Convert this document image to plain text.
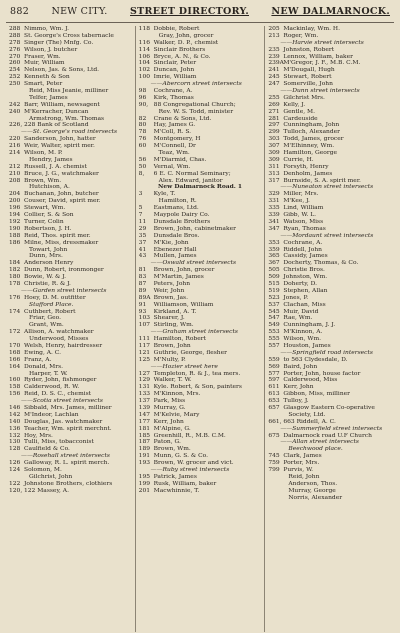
882 NEW CITY. STREET DIRECTORY. NEW DALMARNOCK.
288 Nimmo, Wm. J.
288 St. George's Cross tabernacle
278 Singer (The) Mnfg. Co.
276 Wilson, J. butcher
270 Fraser, Wm.
260 Muir, William
254 Nelson, Jas. & Sons, Ltd.
252 Kenneth & Son
250 Smart, Peter
Reid, Miss Jeanie, milliner
Telfer, James
242 Barr, William, newsagent
240 M'Kerracher, Duncan
Armstrong, Wm. Thomas
226, 228 Bank of Scotland
——St. George's road intersects
220 Sanderson, John, hatter
216 Weir, Walter, spirit mer.
214 Wilson, M. P.
Hendry, James
212 Russell, J. A. chemist
210 Bruce, J. G., watchmaker
208 Brown, Wm.
Hutchison, A.
204 Buchanan, John, butcher
200 Couser, David, spirit mer.
196 Stewart, Wm.
194 Collier, S. & Son
192 Turner, Colin
190 Robertson, J. H.
188 Reid, Thos. spirit mer.
186 Milne, Miss, dressmaker
Towart, John
Dunn, Mrs.
184 Anderson Henry
182 Dunn, Robert, ironmonger
180 Bowie, W. & J.
178 Christie, R. & J.
——Garden street intersects
176 Hoey, D. M. outfitter
Stafford Place.
174 Cuthbert, Robert
Friar, Geo.
Grant, Wm.
172 Allison, A. watchmaker
Underwood, Misses
170 Welsh, Henry, hairdresser
168 Ewing, A. C.
166 Franz, A.
164 Donald, Mrs.
Harper, T. W.
160 Ryder, John, fishmonger
158 Calderwood, R. W.
156 Reid, D. S. C., chemist
——Scotia street intersects
146 Sibbald, Mrs. James, milliner
142 M'Indeor, Lachlan
140 Douglas, Jas. watchmaker
136 Teacher, Wm. spirit merchnt.
132 Hoy, Mrs.
130 Tulli, Miss, tobacconist
128 Caulfield & Co.
——Rosehall street intersects
126 Galloway, R. L. spirit merch.
124 Solomon, M.
Gilchrist, John
122 Johnstone Brothers, clothiers
120, 122 Massey, A.
118 Dobbie, Robert
Gray, John, grocer
116 Walker, D. P., chemist
114 Sinclair Brothers
106 Bryce, A. N., & Co.
104 Sinclair, Peter
102 Duncan, John
100 Imrie, William
——Abercorn street intersects
98 Cochrane, A.
96 Kirk, Thomas
90, 88 Congregational Church;
Rev. W. S. Todd, minister
82 Crane & Sons, Ltd.
80 Hay, James G.
78 M'Coll, R. S.
76 Montgomery, H
60 M'Connell, Dr
Teaz, Wm.
56 M'Diarmid, Chas.
50 Vernal, Wm.
8, 6 E. C. Normal Seminary;
Alex. Edward, janitor
New Dalmarnock Road. 1
3 Kyle, T.
Hamilton, R.
5 Eastmans, Ltd.
7 Maypole Dairy Co.
11 Dunsdale Brothers
29 Brown, John, cabinetmaker
35 Dunsdale Bros.
37 M'Kie, John
41 Ebenezer Hall
43 Mullen, James
——Oswald street intersects
81 Brown, John, grocer
83 M'Martin, James
87 Peters, John
89 Weir, John
89A Brown, Jas.
91 Williamson, William
93 Kirkland, A. T.
103 Shearer, J.
107 Stirling, Wm.
——Graham street intersects
111 Hamilton, Robert
117 Brown, John
121 Guthrie, George, flesher
125 M'Nulty, P.
——Hozier street here
127 Templeton, R. & J., tea mers.
129 Walker, T. W.
131 Kyle. Robert, & Son, painters
133 M'Kinnon, Mrs.
137 Park, Miss
139 Murray, G.
147 M'Kelvie, Mary
177 Kerr, John
181 M'Alpine, G.
185 Greenhill, R., M.B. C.M.
187 Paton, G.
189 Brown, Wm.
191 Munn, G. S. & Co.
193 Brown, W. grocer and vict.
——Ruby street intersects
195 Patrick, James
199 Rusk, William, baker
201 Macwhinnie, T.
205 Mackinlay, Wm. H.
213 Roger, Wm.
——Harvie street intersects
235 Johnston, Robert
239 Lennox, William, baker
239AM'Gregor, J. F., M.B. C.M.
241 M'Dougall, Hugh
245 Stewart, Robert
247 Somerville, John
——Dunn street intersects
255 Gilchrist Mrs.
269 Kelly, J.
271 Gentle, M.
281 Cardeuside
297 Cunningham, John
299 Tulloch, Alexander
303 Todd, James, grocer
307 M'Elhinney, Wm.
309 Hamilton, George
309 Currie, H.
311 Forsyth, Henry
313 Denholm, James
317 Burnside, S. A. spirit mer.
——Nuneaton street intersects
329 Miller, Mrs.
331 M'Kee, J.
335 Lind, William
339 Gibb, W. L.
341 Watson, Miss
347 Ryan, Thomas
——Mordaunt street intersects
353 Cochrane, A.
359 Riddell, John
365 Cassidy, James
367 Docherty, Thomas, & Co.
505 Christie Bros.
509 Johnston, Wm.
515 Doherty, D.
519 Stephen, Allan
523 Jones, P.
537 Clachan, Miss
545 Muir, David
547 Rae, Wm.
549 Cunningham, J. J.
553 M'Kinnon, A.
555 Wilson, Wm.
557 Houston, James
——Springfield road intersects
559 to 563 Clydesdale, D.
569 Baird, John
577 Porter, John, house factor
597 Calderwood, Miss
611 Kerr, John
613 Gibbon, Miss, milliner
653 Tulloy, J.
657 Glasgow Eastern Co-operative
Society, Ltd.
661, 663 Riddell, A. C.
——Summerfield street intersects
675 Dalmarnock road U.F Church
——Allan street intersects
Beechwood place.
745 Clark, James
759 Porter, Mrs.
799 Purvis, W.
Reid, John
Anderson, Thos.
Murray, George
Norris, Alexander
